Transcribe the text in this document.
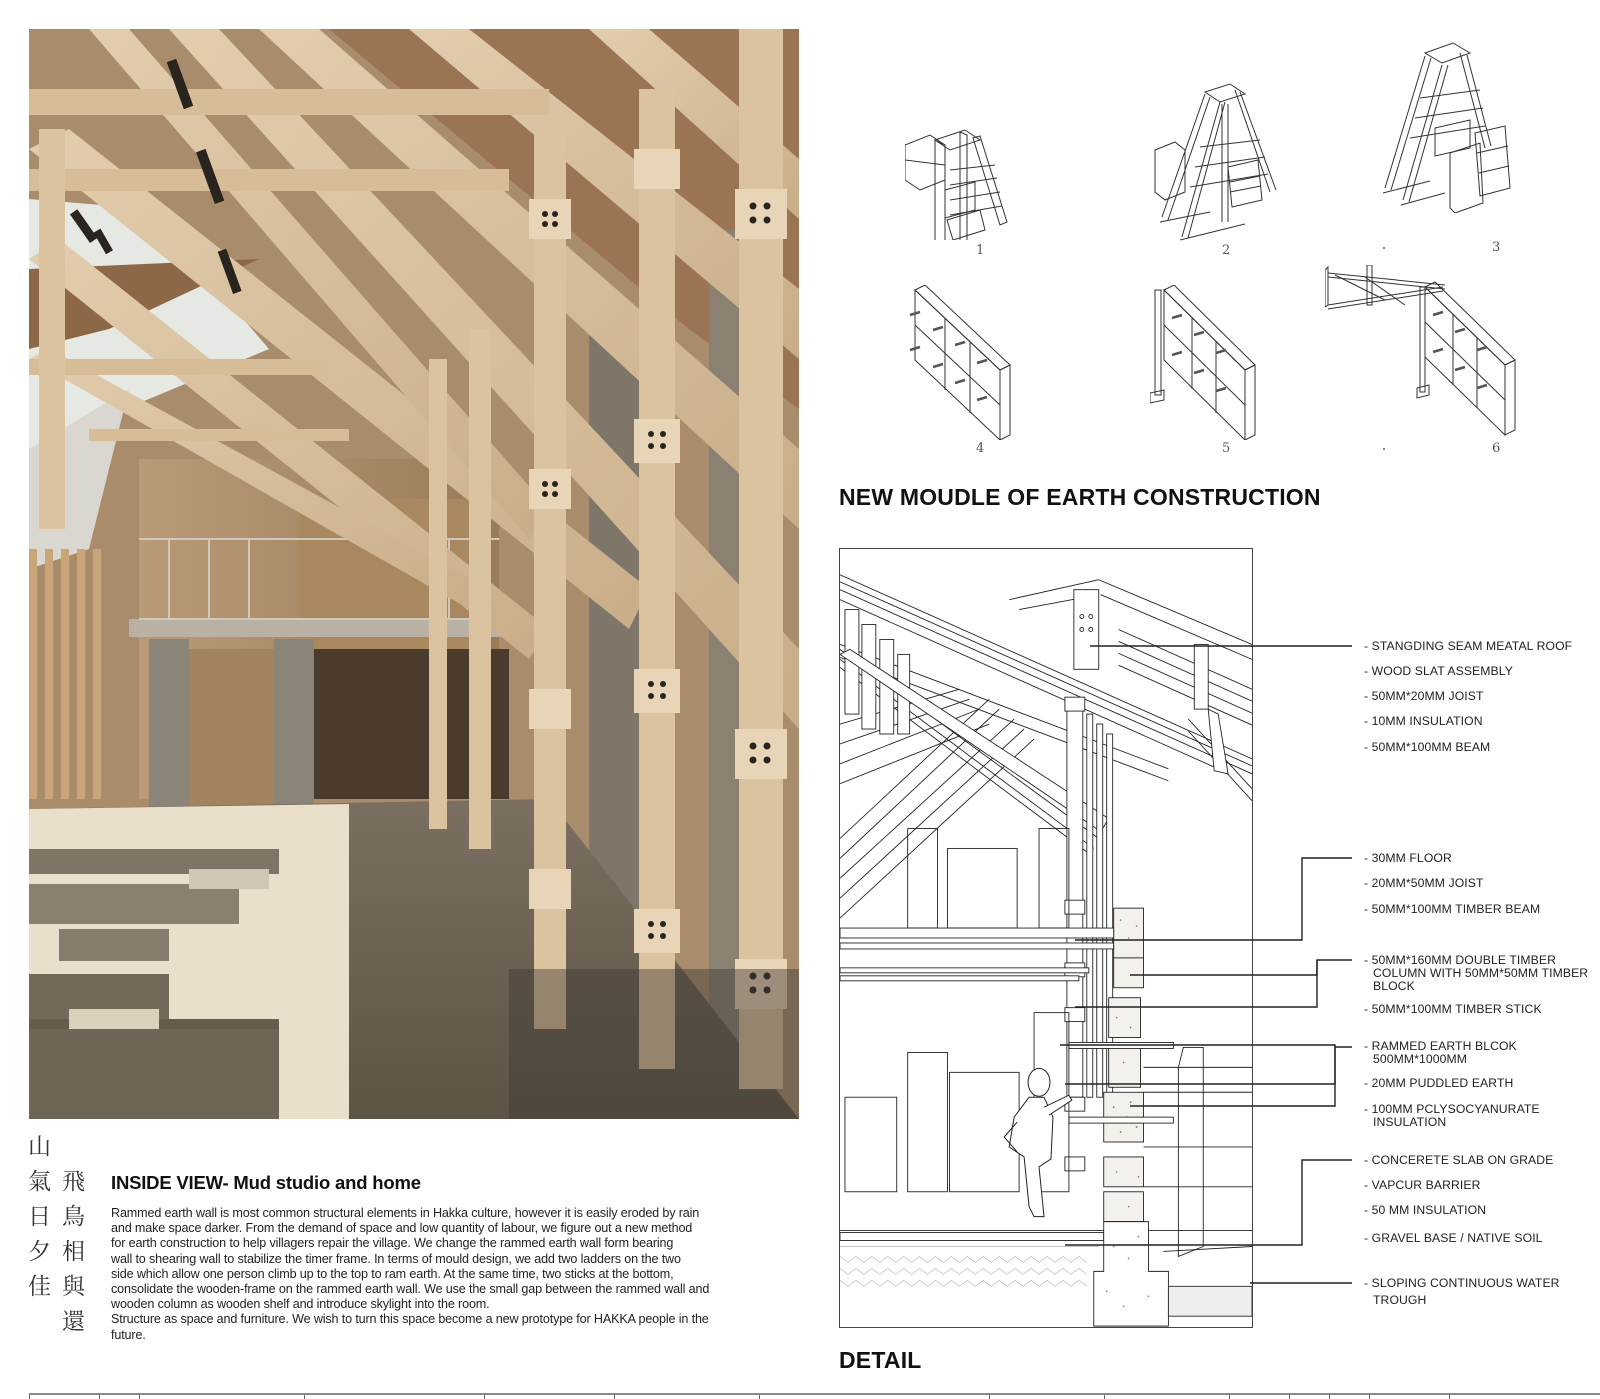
山
氣
日
夕
佳
飛
鳥
相
與
還
INSIDE VIEW- Mud studio and home

Rammed earth wall is most common structural elements in Hakka culture, however it is easily eroded by rain

and make space darker. From the demand of space and low quantity of labour, we figure out a new method

for earth construction to help villagers repair the village. We change the rammed earth wall form bearing

wall to shearing wall to stabilize the timer frame. In terms of mould design, we add two ladders on the two

side which allow one person climb up to the top to ram earth. At the same time, two sticks at the bottom,

consolidate the wooden-frame on the rammed earth wall. We use the small gap between the rammed wall and

wooden column as wooden shelf and introduce skylight into the room.

Structure as space and furniture. We wish to turn this space become a new prototype for HAKKA people in the

future.

1	2	3
4	5	6
NEW MOUDLE OF EARTH CONSTRUCTION
- STANGDING SEAM MEATAL ROOF
- WOOD SLAT ASSEMBLY
- 50MM*20MM JOIST
- 10MM INSULATION
- 50MM*100MM BEAM
- 30MM FLOOR
- 20MM*50MM JOIST
- 50MM*100MM TIMBER BEAM
- 50MM*160MM DOUBLE TIMBER
COLUMN WITH 50MM*50MM TIMBER
BLOCK
- 50MM*100MM TIMBER STICK
- RAMMED EARTH BLCOK
500MM*1000MM
- 20MM PUDDLED EARTH
- 100MM PCLYSOCYANURATE
INSULATION
- CONCERETE SLAB ON GRADE
- VAPCUR BARRIER
- 50 MM INSULATION
- GRAVEL BASE / NATIVE SOIL
- SLOPING CONTINUOUS WATER
TROUGH
DETAIL
